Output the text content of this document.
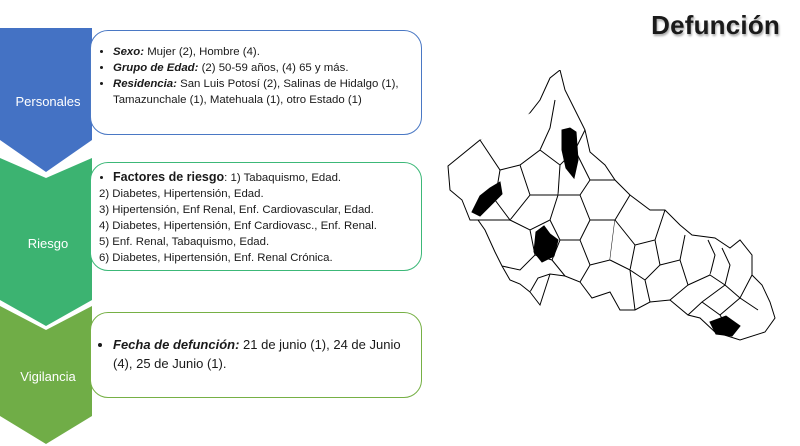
Defunción
Personales
Riesgo
Vigilancia
• Sexo: Mujer (2), Hombre (4).
• Grupo de Edad: (2) 50-59 años, (4) 65 y más.
• Residencia: San Luis Potosí (2), Salinas de Hidalgo (1), Tamazunchale (1), Matehuala (1), otro Estado (1)
• Factores de riesgo: 1) Tabaquismo, Edad.
2) Diabetes, Hipertensión, Edad.
3) Hipertensión, Enf Renal, Enf. Cardiovascular, Edad.
4) Diabetes, Hipertensión, Enf Cardiovasc., Enf. Renal.
5) Enf. Renal, Tabaquismo, Edad.
6) Diabetes, Hipertensión, Enf. Renal Crónica.
• Fecha de defunción: 21 de junio (1), 24 de Junio (4), 25 de Junio (1).
